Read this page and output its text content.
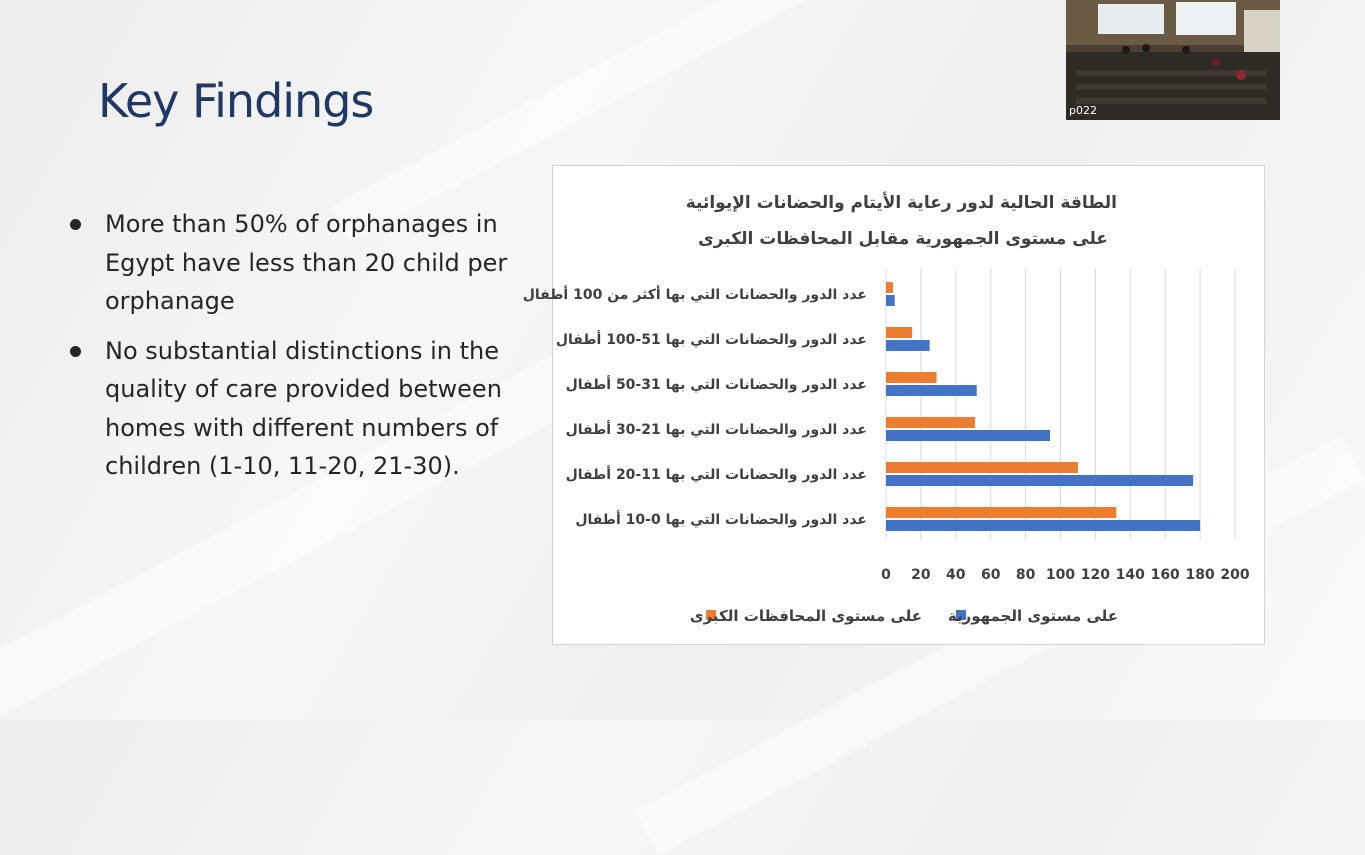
Key Findings
More than 50% of orphanages in Egypt have less than 20 child per orphanage
No substantial distinctions in the quality of care provided between homes with different numbers of children (1-10, 11-20, 21-30).
الطاقة الحالية لدور رعاية الأيتام والحضانات الإيوائية
على مستوى الجمهورية مقابل المحافظات الكبرى
عدد الدور والحضانات التي بها أكثر من 100 أطفال
عدد الدور والحضانات التي بها 51-100 أطفال
عدد الدور والحضانات التي بها 31-50 أطفال
عدد الدور والحضانات التي بها 21-30 أطفال
عدد الدور والحضانات التي بها 11-20 أطفال
عدد الدور والحضانات التي بها 0-10 أطفال
0 20 40 60 80 100 120 140 160 180 200
على مستوى المحافظات الكبرى على مستوى الجمهورية
p022
